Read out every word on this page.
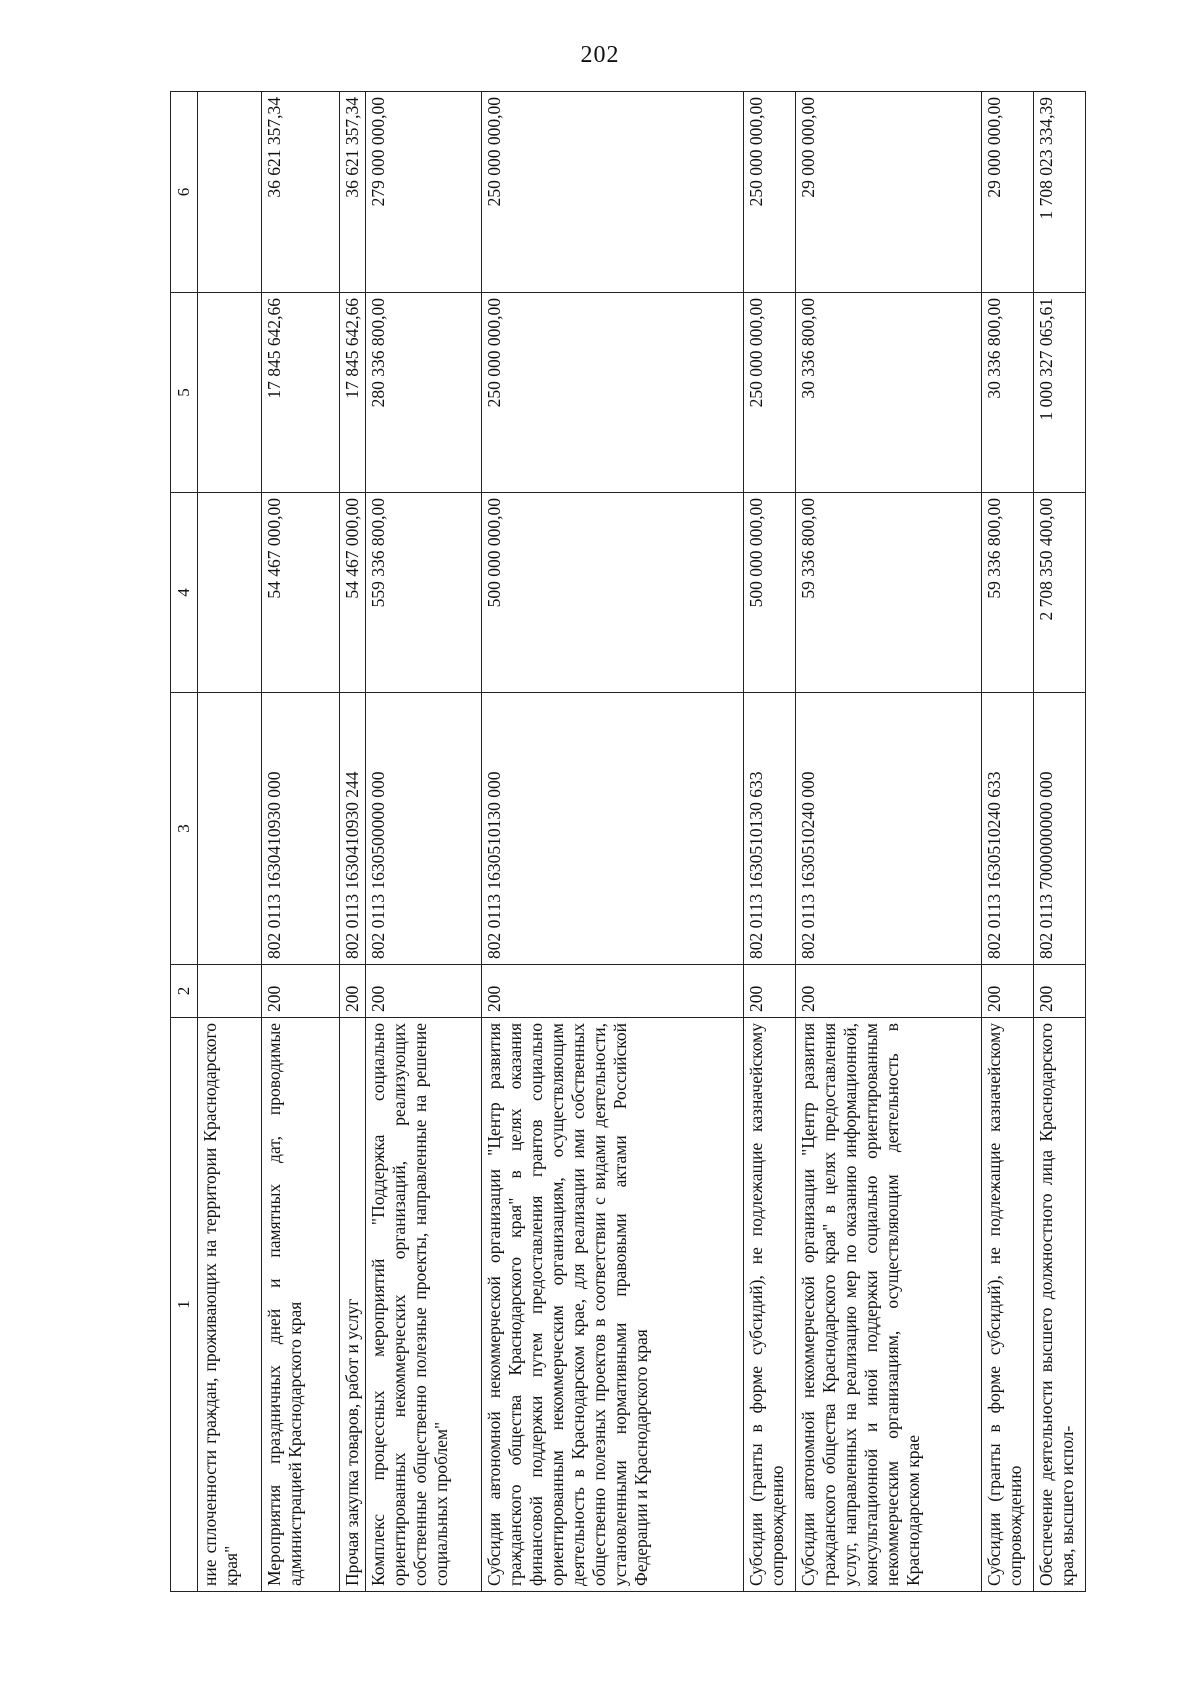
202
1	2	3	4	5	6
ние сплоченности граждан, проживающих на территории Краснодарского края"					
Мероприятия праздничных дней и памятных дат, проводимые администрацией Краснодарского края	200	802 0113 1630410930 000	54 467 000,00	17 845 642,66	36 621 357,34
Прочая закупка товаров, работ и услуг	200	802 0113 1630410930 244	54 467 000,00	17 845 642,66	36 621 357,34
Комплекс процессных мероприятий "Поддержка социально ориентированных некоммерческих организаций, реализующих собственные общественно полезные проекты, направленные на решение социальных проблем"	200	802 0113 1630500000 000	559 336 800,00	280 336 800,00	279 000 000,00
Субсидии автономной некоммерческой организации "Центр развития гражданского общества Краснодарского края" в целях оказания финансовой поддержки путем предоставления грантов социально ориентированным некоммерческим организациям, осуществляющим деятельность в Краснодарском крае, для реализации ими собственных общественно полезных проектов в соответствии с видами деятельности, установленными нормативными правовыми актами Российской Федерации и Краснодарского края	200	802 0113 1630510130 000	500 000 000,00	250 000 000,00	250 000 000,00
Субсидии (гранты в форме субсидий), не подлежащие казначейскому сопровождению	200	802 0113 1630510130 633	500 000 000,00	250 000 000,00	250 000 000,00
Субсидии автономной некоммерческой организации "Центр развития гражданского общества Краснодарского края" в целях предоставления услуг, направленных на реализацию мер по оказанию информационной, консультационной и иной поддержки социально ориентированным некоммерческим организациям, осуществляющим деятельность в Краснодарском крае	200	802 0113 1630510240 000	59 336 800,00	30 336 800,00	29 000 000,00
Субсидии (гранты в форме субсидий), не подлежащие казначейскому сопровождению	200	802 0113 1630510240 633	59 336 800,00	30 336 800,00	29 000 000,00
Обеспечение деятельности высшего должностного лица Краснодарского края, высшего испол-	200	802 0113 7000000000 000	2 708 350 400,00	1 000 327 065,61	1 708 023 334,39
